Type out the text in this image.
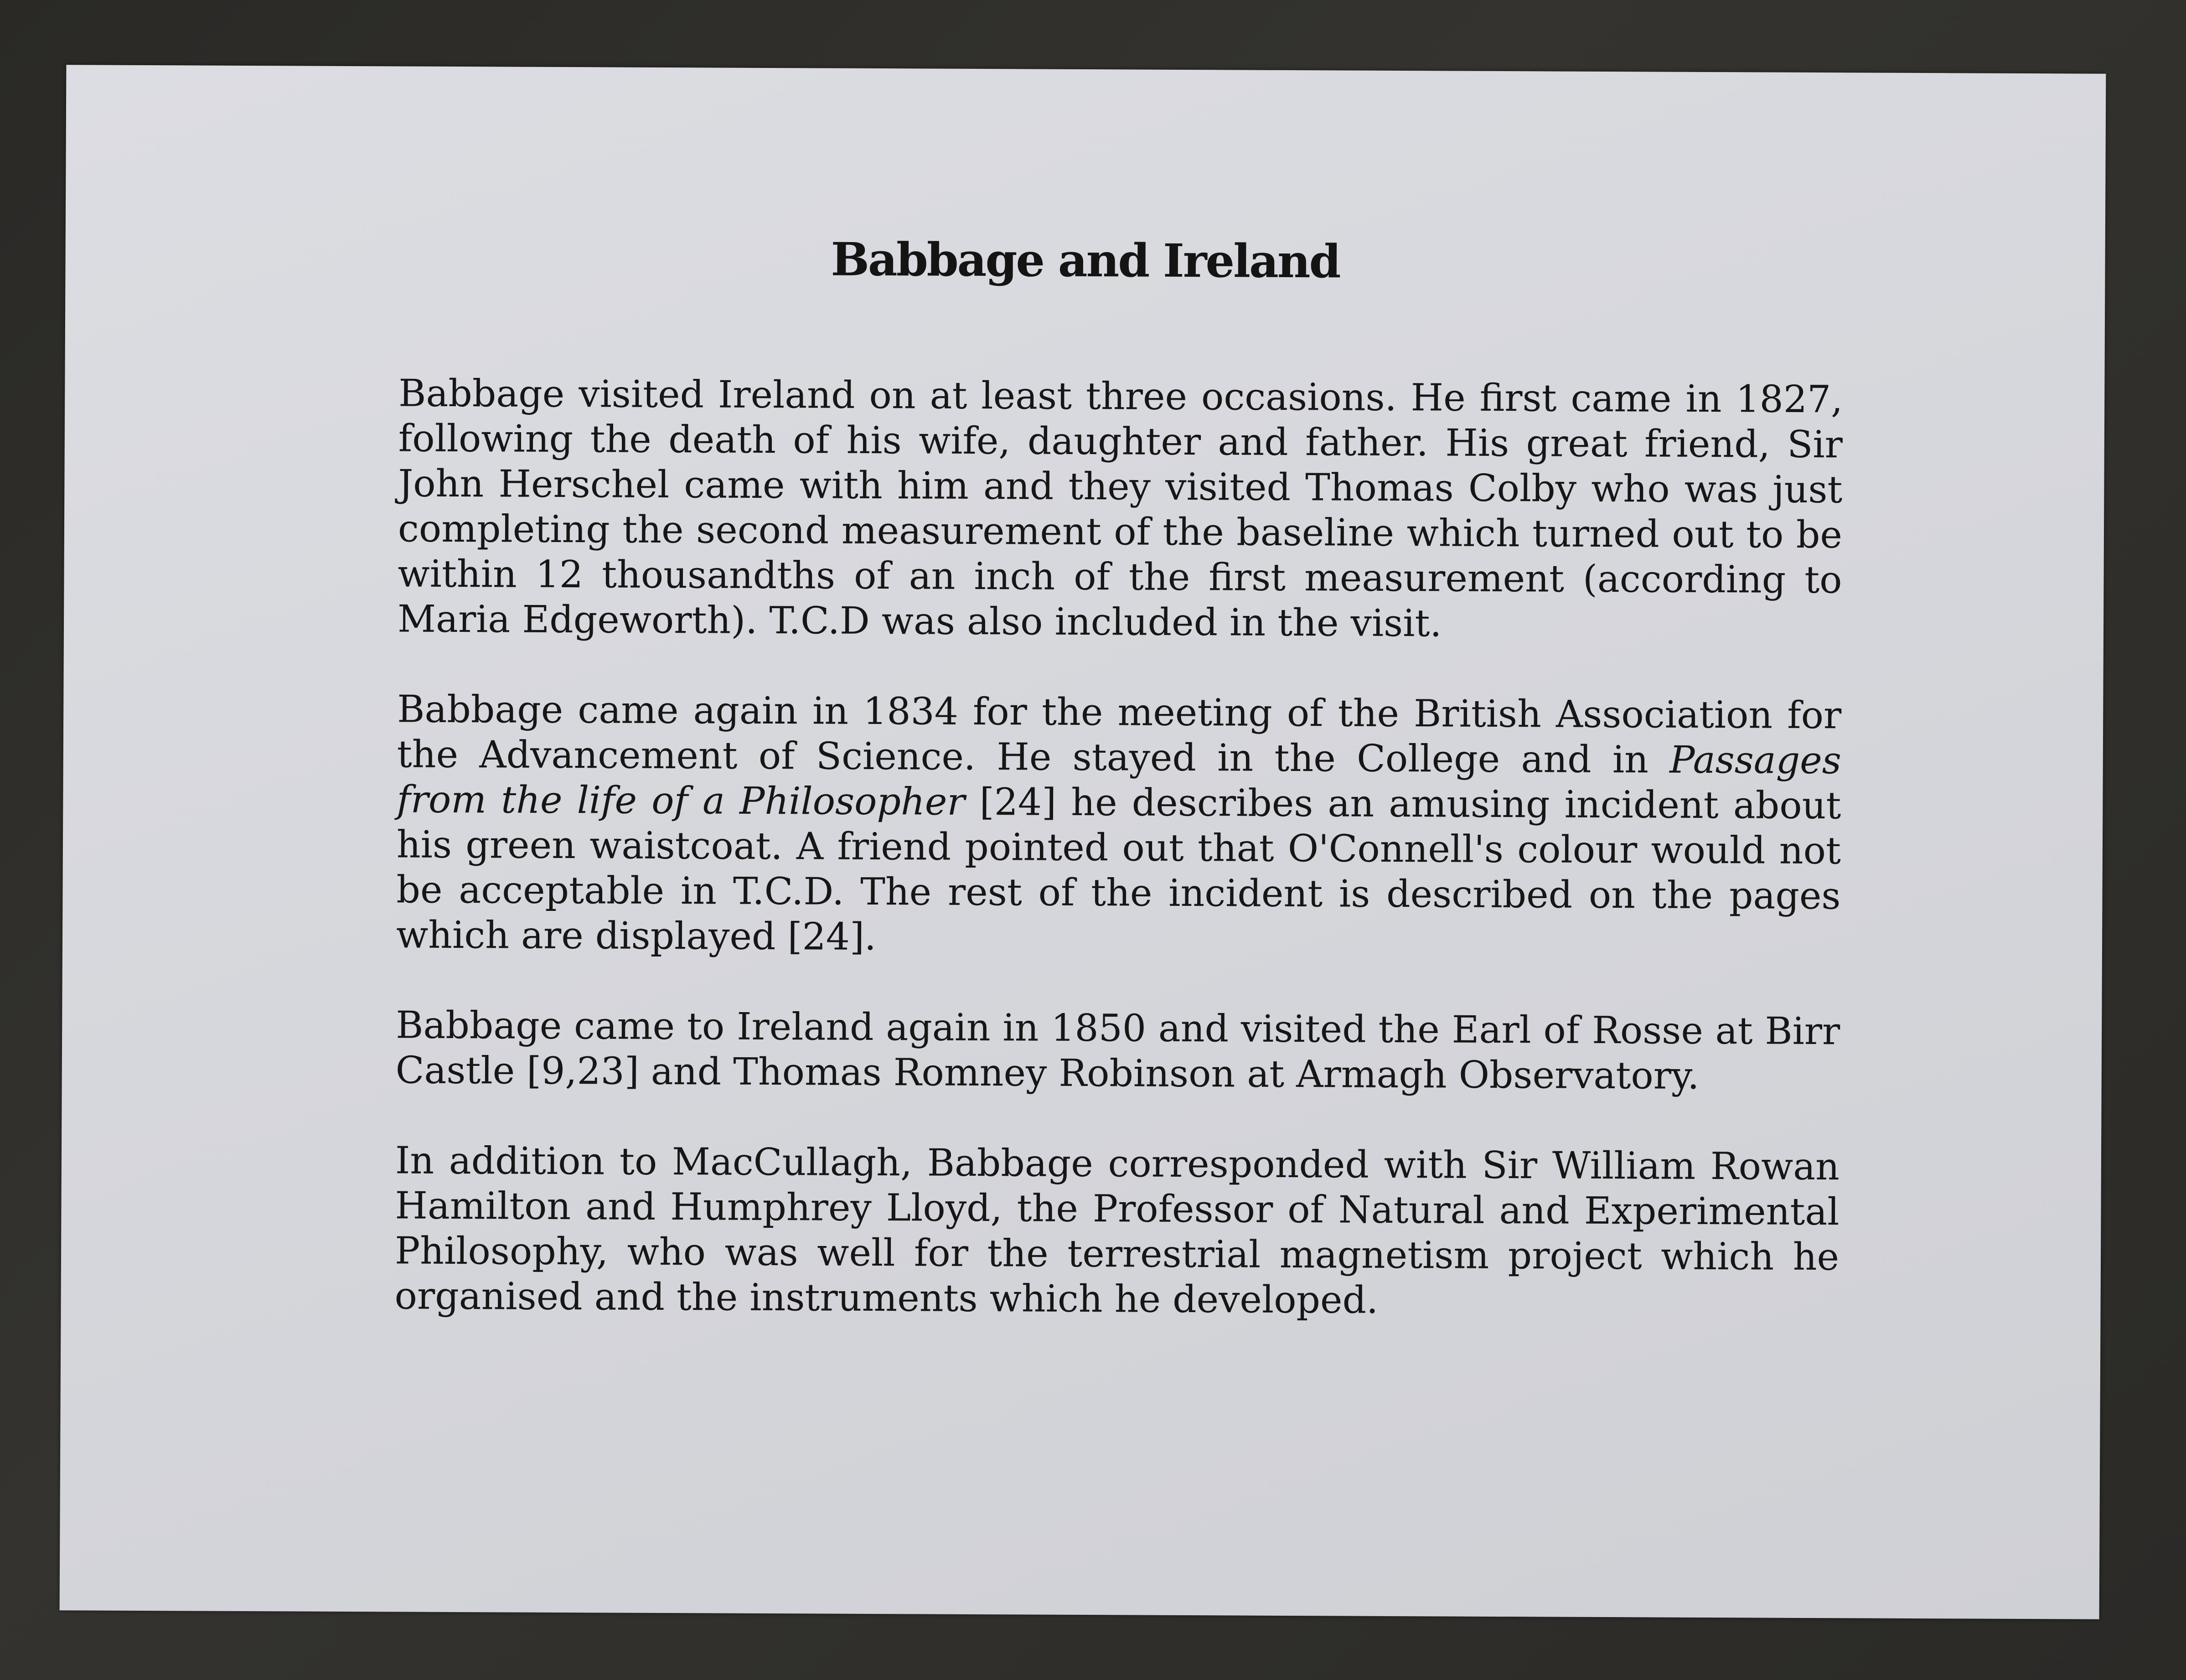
Babbage and Ireland

Babbage visited Ireland on at least three occasions. He first came in 1827, following the death of his wife, daughter and father. His great friend, Sir John Herschel came with him and they visited Thomas Colby who was just completing the second measurement of the baseline which turned out to be within 12 thousandths of an inch of the first measurement (according to Maria Edgeworth). T.C.D was also included in the visit.

Babbage came again in 1834 for the meeting of the British Association for the Advancement of Science. He stayed in the College and in Passages from the life of a Philosopher [24] he describes an amusing incident about his green waistcoat. A friend pointed out that O'Connell's colour would not be acceptable in T.C.D. The rest of the incident is described on the pages which are displayed [24].

Babbage came to Ireland again in 1850 and visited the Earl of Rosse at Birr Castle [9,23] and Thomas Romney Robinson at Armagh Observatory.

In addition to MacCullagh, Babbage corresponded with Sir William Rowan Hamilton and Humphrey Lloyd, the Professor of Natural and Experimental Philosophy, who was well for the terrestrial magnetism project which he organised and the instruments which he developed.
